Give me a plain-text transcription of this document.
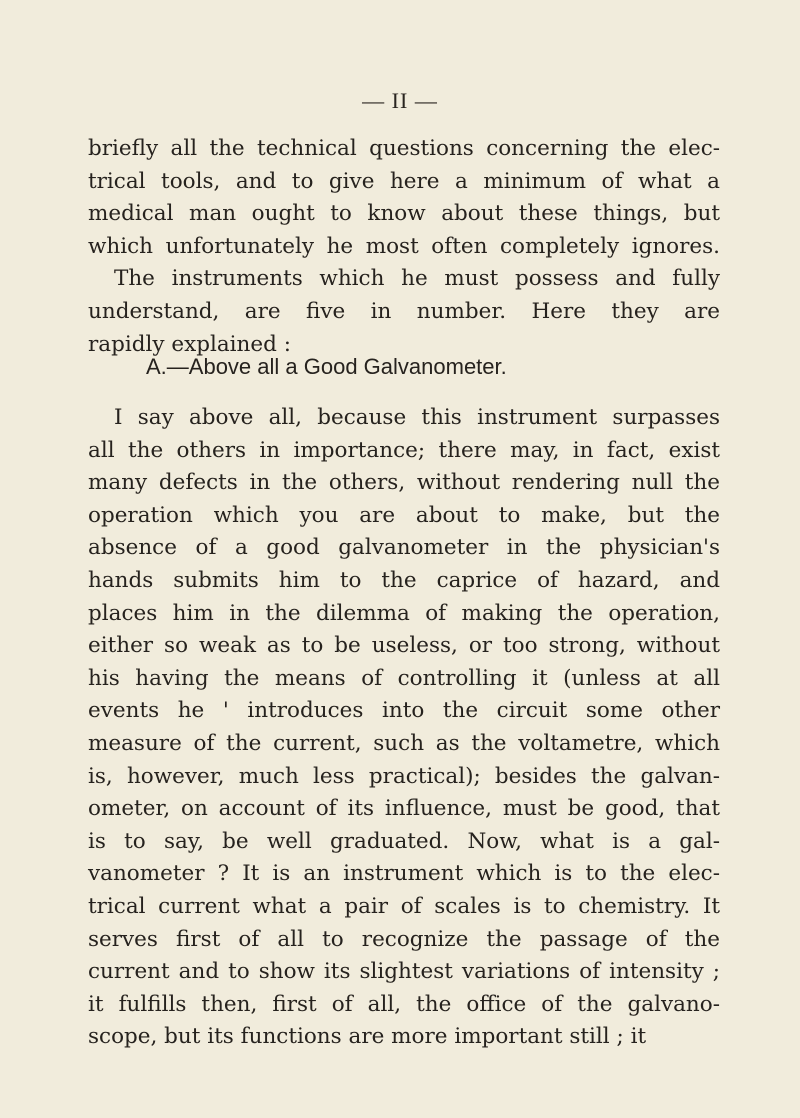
— II —
briefly all the technical questions concerning the elec-
trical tools, and to give here a minimum of what a
medical man ought to know about these things, but
which unfortunately he most often completely ignores.
The instruments which he must possess and fully
understand, are five in number. Here they are
rapidly explained :
A.—Above all a Good Galvanometer.
I say above all, because this instrument surpasses
all the others in importance; there may, in fact, exist
many defects in the others, without rendering null the
operation which you are about to make, but the
absence of a good galvanometer in the physician's
hands submits him to the caprice of hazard, and
places him in the dilemma of making the operation,
either so weak as to be useless, or too strong, without
his having the means of controlling it (unless at all
events he ' introduces into the circuit some other
measure of the current, such as the voltametre, which
is, however, much less practical); besides the galvan-
ometer, on account of its influence, must be good, that
is to say, be well graduated. Now, what is a gal-
vanometer ? It is an instrument which is to the elec-
trical current what a pair of scales is to chemistry. It
serves first of all to recognize the passage of the
current and to show its slightest variations of intensity ;
it fulfills then, first of all, the office of the galvano-
scope, but its functions are more important still ; it
